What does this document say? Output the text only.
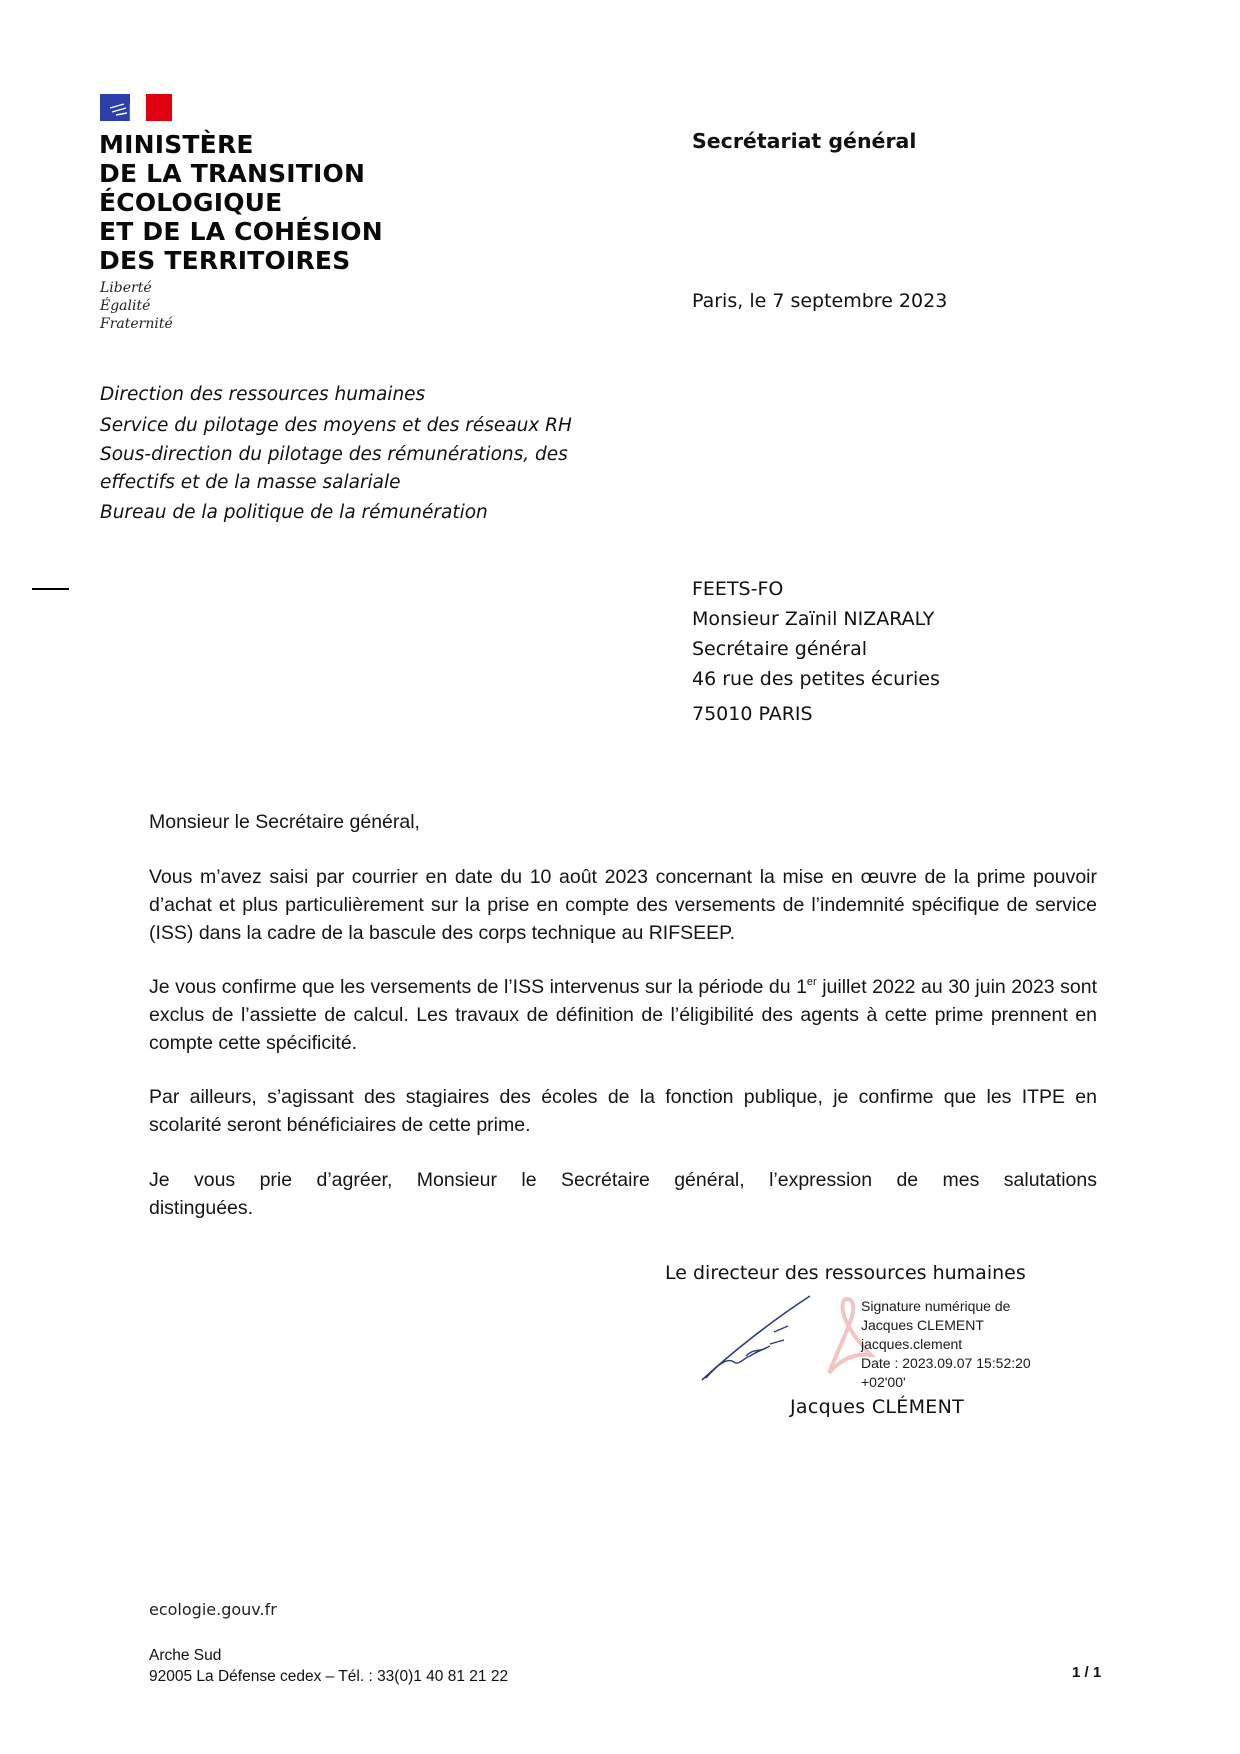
MINISTÈRE
DE LA TRANSITION
ÉCOLOGIQUE
ET DE LA COHÉSION
DES TERRITOIRES
Liberté
Égalité
Fraternité
Secrétariat général
Paris, le 7 septembre 2023
Direction des ressources humaines
Service du pilotage des moyens et des réseaux RH
Sous-direction du pilotage des rémunérations, des
effectifs et de la masse salariale
Bureau de la politique de la rémunération
FEETS-FO
Monsieur Zaïnil NIZARALY
Secrétaire général
46 rue des petites écuries
75010 PARIS
Monsieur le Secrétaire général,
Vous m’avez saisi par courrier en date du 10 août 2023 concernant la mise en œuvre de la prime pouvoir d’achat et plus particulièrement sur la prise en compte des versements de l’indemnité spécifique de service (ISS) dans la cadre de la bascule des corps technique au RIFSEEP.
Je vous confirme que les versements de l’ISS intervenus sur la période du 1er juillet 2022 au 30 juin 2023 sont exclus de l’assiette de calcul. Les travaux de définition de l’éligibilité des agents à cette prime prennent en compte cette spécificité.
Par ailleurs, s’agissant des stagiaires des écoles de la fonction publique, je confirme que les ITPE en scolarité seront bénéficiaires de cette prime.
Je vous prie d’agréer, Monsieur le Secrétaire général, l’expression de mes salutations
distinguées.
Le directeur des ressources humaines
Signature numérique de
Jacques CLEMENT
jacques.clement
Date : 2023.09.07 15:52:20
+02'00'
Jacques CLÉMENT
ecologie.gouv.fr
Arche Sud
92005 La Défense cedex – Tél. : 33(0)1 40 81 21 22	1 / 1
